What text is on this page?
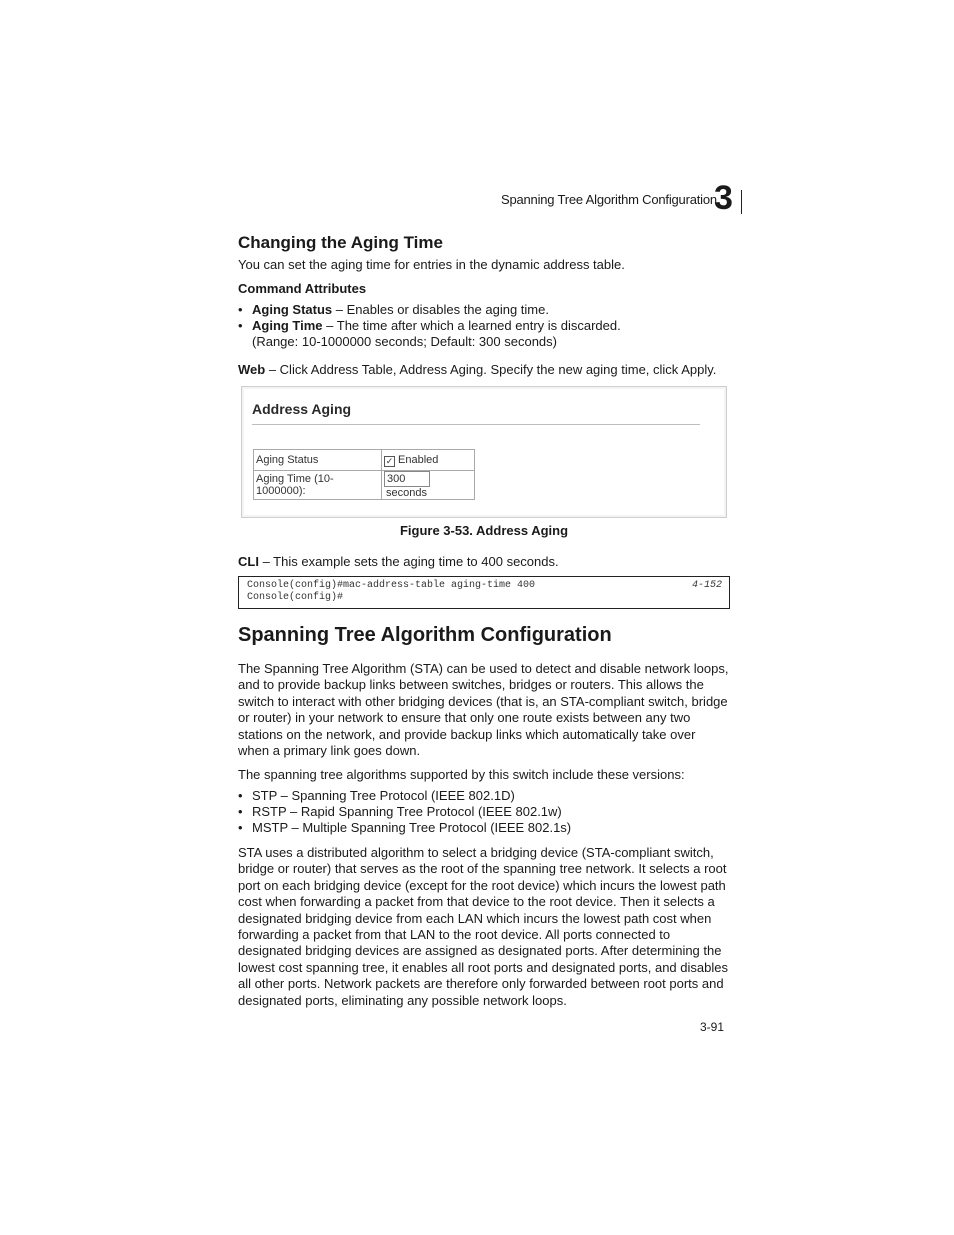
Spanning Tree Algorithm Configuration
3
Changing the Aging Time
You can set the aging time for entries in the dynamic address table.
Command Attributes
• Aging Status – Enables or disables the aging time.
• Aging Time – The time after which a learned entry is discarded.
(Range: 10-1000000 seconds; Default: 300 seconds)
Web – Click Address Table, Address Aging. Specify the new aging time, click Apply.
Address Aging
Aging Status	✓ Enabled
Aging Time (10-1000000):	300seconds
Figure 3-53. Address Aging
CLI – This example sets the aging time to 400 seconds.
Console(config)#mac-address-table aging-time 400
Console(config)#
4-152
Spanning Tree Algorithm Configuration
The Spanning Tree Algorithm (STA) can be used to detect and disable network loops, and to provide backup links between switches, bridges or routers. This allows the switch to interact with other bridging devices (that is, an STA-compliant switch, bridge or router) in your network to ensure that only one route exists between any two stations on the network, and provide backup links which automatically take over when a primary link goes down.
The spanning tree algorithms supported by this switch include these versions:
• STP – Spanning Tree Protocol (IEEE 802.1D)
• RSTP – Rapid Spanning Tree Protocol (IEEE 802.1w)
• MSTP – Multiple Spanning Tree Protocol (IEEE 802.1s)
STA uses a distributed algorithm to select a bridging device (STA-compliant switch, bridge or router) that serves as the root of the spanning tree network. It selects a root port on each bridging device (except for the root device) which incurs the lowest path cost when forwarding a packet from that device to the root device. Then it selects a designated bridging device from each LAN which incurs the lowest path cost when forwarding a packet from that LAN to the root device. All ports connected to designated bridging devices are assigned as designated ports. After determining the lowest cost spanning tree, it enables all root ports and designated ports, and disables all other ports. Network packets are therefore only forwarded between root ports and designated ports, eliminating any possible network loops.
3-91
